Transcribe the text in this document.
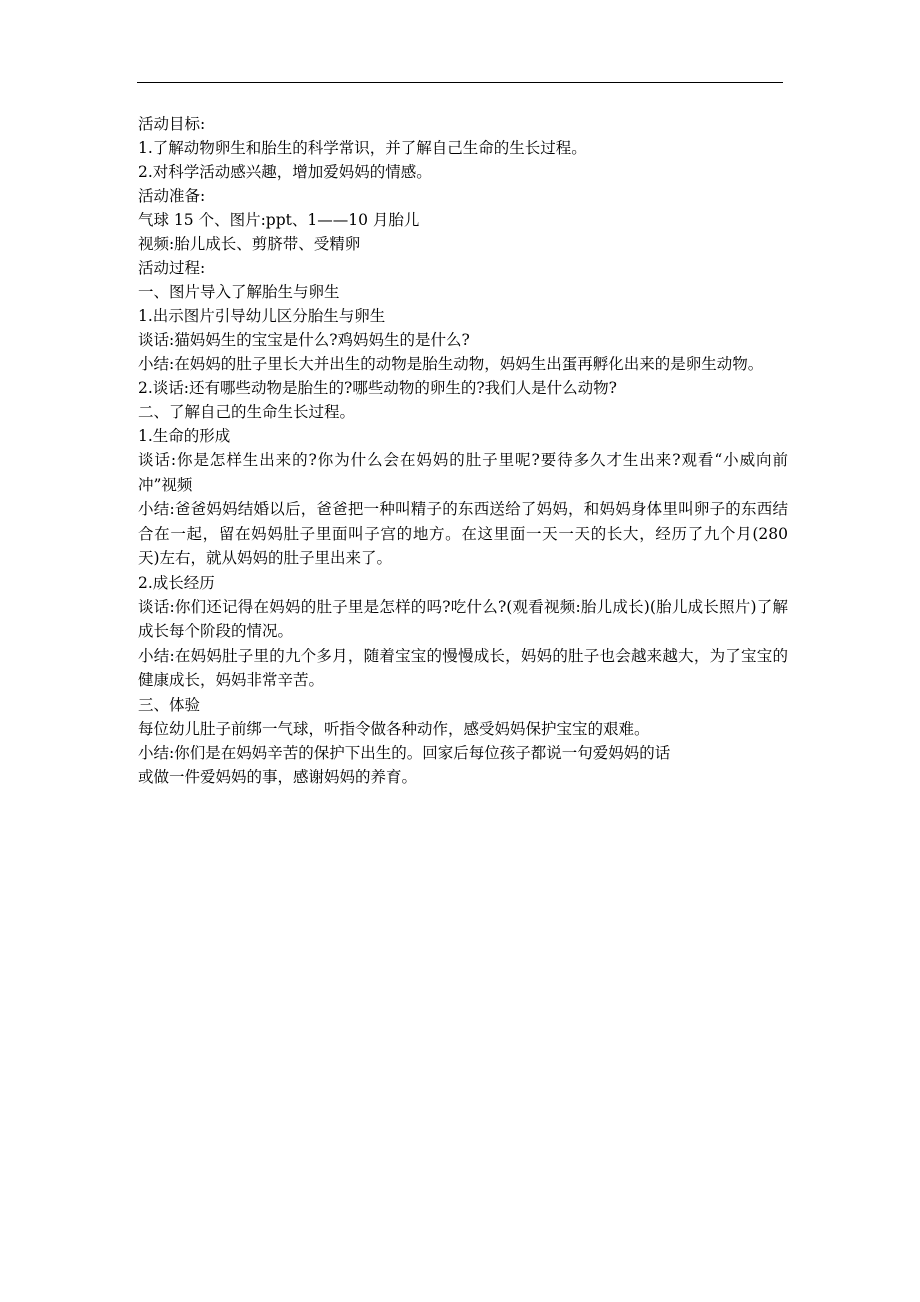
活动目标:

1.了解动物卵生和胎生的科学常识，并了解自己生命的生长过程。

2.对科学活动感兴趣，增加爱妈妈的情感。

活动准备:

气球 15 个、图片:ppt、1——10 月胎儿

视频:胎儿成长、剪脐带、受精卵

活动过程:

一、图片导入了解胎生与卵生

1.出示图片引导幼儿区分胎生与卵生

谈话:猫妈妈生的宝宝是什么?鸡妈妈生的是什么?

小结:在妈妈的肚子里长大并出生的动物是胎生动物，妈妈生出蛋再孵化出来的是卵生动物。

2.谈话:还有哪些动物是胎生的?哪些动物的卵生的?我们人是什么动物?

二、了解自己的生命生长过程。

1.生命的形成

谈话:你是怎样生出来的?你为什么会在妈妈的肚子里呢?要待多久才生出来?观看“小威向前冲”视频

小结:爸爸妈妈结婚以后，爸爸把一种叫精子的东西送给了妈妈，和妈妈身体里叫卵子的东西结合在一起，留在妈妈肚子里面叫子宫的地方。在这里面一天一天的长大，经历了九个月(280 天)左右，就从妈妈的肚子里出来了。

2.成长经历

谈话:你们还记得在妈妈的肚子里是怎样的吗?吃什么?(观看视频:胎儿成长)(胎儿成长照片)了解成长每个阶段的情况。

小结:在妈妈肚子里的九个多月，随着宝宝的慢慢成长，妈妈的肚子也会越来越大，为了宝宝的健康成长，妈妈非常辛苦。

三、体验

每位幼儿肚子前绑一气球，听指令做各种动作，感受妈妈保护宝宝的艰难。

小结:你们是在妈妈辛苦的保护下出生的。回家后每位孩子都说一句爱妈妈的话

或做一件爱妈妈的事，感谢妈妈的养育。
